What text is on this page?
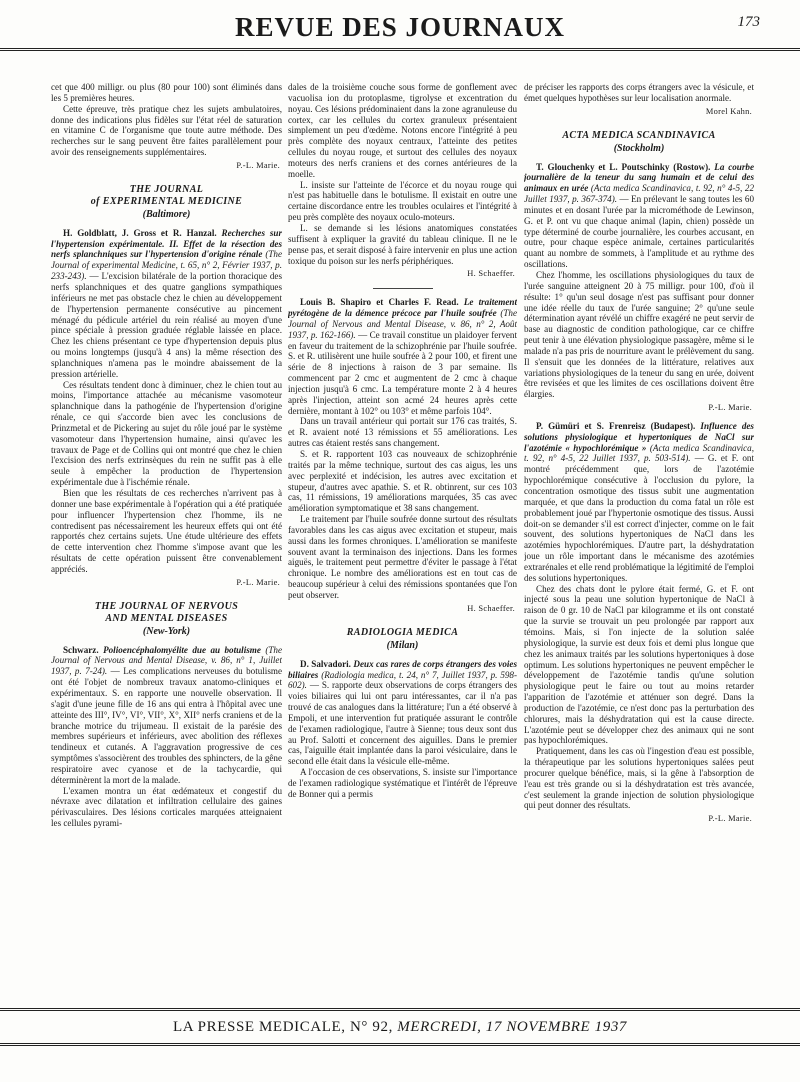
REVUE DES JOURNAUX	173

cet que 400 milligr. ou plus (80 pour 100) sont éliminés dans les 5 premières heures.

Cette épreuve, très pratique chez les sujets ambulatoires, donne des indications plus fidèles sur l'état réel de saturation en vitamine C de l'organisme que toute autre méthode. Des recherches sur le sang peuvent être faites parallèlement pour avoir des renseignements supplémentaires.

P.-L. Marie.
THE JOURNAL
of EXPERIMENTAL MEDICINE
(Baltimore)

H. Goldblatt, J. Gross et R. Hanzal. Recherches sur l'hypertension expérimentale. II. Effet de la résection des nerfs splanchniques sur l'hypertension d'origine rénale (The Journal of experimental Medicine, t. 65, n° 2, Février 1937, p. 233-243). — L'excision bilatérale de la portion thoracique des nerfs splanchniques et des quatre ganglions sympathiques inférieurs ne met pas obstacle chez le chien au développement de l'hypertension permanente consécutive au pincement ménagé du pédicule artériel du rein réalisé au moyen d'une pince spéciale à pression graduée réglable laissée en place. Chez les chiens présentant ce type d'hypertension depuis plus ou moins longtemps (jusqu'à 4 ans) la même résection des splanchniques n'amena pas le moindre abaissement de la pression artérielle.

Ces résultats tendent donc à diminuer, chez le chien tout au moins, l'importance attachée au mécanisme vasomoteur splanchnique dans la pathogénie de l'hypertension d'origine rénale, ce qui s'accorde bien avec les conclusions de Prinzmetal et de Pickering au sujet du rôle joué par le système vasomoteur dans l'hypertension humaine, ainsi qu'avec les travaux de Page et de Collins qui ont montré que chez le chien l'excision des nerfs extrinsèques du rein ne suffit pas à elle seule à empêcher la production de l'hypertension expérimentale due à l'ischémie rénale.

Bien que les résultats de ces recherches n'arrivent pas à donner une base expérimentale à l'opération qui a été pratiquée pour influencer l'hypertension chez l'homme, ils ne contredisent pas nécessairement les heureux effets qui ont été rapportés chez certains sujets. Une étude ultérieure des effets de cette intervention chez l'homme s'impose avant que les résultats de cette opération puissent être convenablement appréciés.

P.-L. Marie.
THE JOURNAL OF NERVOUS
AND MENTAL DISEASES
(New-York)

Schwarz. Polioencéphalomyélite due au botulisme (The Journal of Nervous and Mental Disease, v. 86, n° 1, Juillet 1937, p. 7-24). — Les complications nerveuses du botulisme ont été l'objet de nombreux travaux anatomo-cliniques et expérimentaux. S. en rapporte une nouvelle observation. Il s'agit d'une jeune fille de 16 ans qui entra à l'hôpital avec une atteinte des III°, IV°, VI°, VII°, X°, XII° nerfs craniens et de la branche motrice du trijumeau. Il existait de la parésie des membres supérieurs et inférieurs, avec abolition des réflexes tendineux et cutanés. A l'aggravation progressive de ces symptômes s'associèrent des troubles des sphincters, de la gêne respiratoire avec cyanose et de la tachycardie, qui déterminèrent la mort de la malade.

L'examen montra un état œdémateux et congestif du névraxe avec dilatation et infiltration cellulaire des gaines périvasculaires. Des lésions corticales marquées atteignaient les cellules pyrami-

dales de la troisième couche sous forme de gonflement avec vacuolisa ion du protoplasme, tigrolyse et excentration du noyau. Ces lésions prédominaient dans la zone agranuleuse du cortex, car les cellules du cortex granuleux présentaient simplement un peu d'œdème. Notons encore l'intégrité à peu près complète des noyaux centraux, l'atteinte des petites cellules du noyau rouge, et surtout des cellules des noyaux moteurs des nerfs craniens et des cornes antérieures de la moelle.

L. insiste sur l'atteinte de l'écorce et du noyau rouge qui n'est pas habituelle dans le botulisme. Il existait en outre une certaine discordance entre les troubles oculaires et l'intégrité à peu près complète des noyaux oculo-moteurs.

L. se demande si les lésions anatomiques constatées suffisent à expliquer la gravité du tableau clinique. Il ne le pense pas, et serait disposé à faire intervenir en plus une action toxique du poison sur les nerfs périphériques.

H. Schaeffer.

Louis B. Shapiro et Charles F. Read. Le traitement pyrétogène de la démence précoce par l'huile soufrée (The Journal of Nervous and Mental Disease, v. 86, n° 2, Août 1937, p. 162-166). — Ce travail constitue un plaidoyer fervent en faveur du traitement de la schizophrénie par l'huile soufrée. S. et R. utilisèrent une huile soufrée à 2 pour 100, et firent une série de 8 injections à raison de 3 par semaine. Ils commencent par 2 cmc et augmentent de 2 cmc à chaque injection jusqu'à 6 cmc. La température monte 2 à 4 heures après l'injection, atteint son acmé 24 heures après cette dernière, montant à 102° ou 103° et même parfois 104°.

Dans un travail antérieur qui portait sur 176 cas traités, S. et R. avaient noté 13 rémissions et 55 améliorations. Les autres cas étaient restés sans changement.

S. et R. rapportent 103 cas nouveaux de schizophrénie traités par la même technique, surtout des cas aigus, les uns avec perplexité et indécision, les autres avec excitation et stupeur, d'autres avec apathie. S. et R. obtinrent, sur ces 103 cas, 11 rémissions, 19 améliorations marquées, 35 cas avec amélioration symptomatique et 38 sans changement.

Le traitement par l'huile soufrée donne surtout des résultats favorables dans les cas aigus avec excitation et stupeur, mais aussi dans les formes chroniques. L'amélioration se manifeste souvent avant la terminaison des injections. Dans les formes aiguës, le traitement peut permettre d'éviter le passage à l'état chronique. Le nombre des améliorations est en tout cas de beaucoup supérieur à celui des rémissions spontanées que l'on peut observer.

H. Schaeffer.
RADIOLOGIA MEDICA
(Milan)

D. Salvadori. Deux cas rares de corps étrangers des voies biliaires (Radiologia medica, t. 24, n° 7, Juillet 1937, p. 598-602). — S. rapporte deux observations de corps étrangers des voies biliaires qui lui ont paru intéressantes, car il n'a pas trouvé de cas analogues dans la littérature; l'un a été observé à Empoli, et une intervention fut pratiquée assurant le contrôle de l'examen radiologique, l'autre à Sienne; tous deux sont dus au Prof. Salotti et concernent des aiguilles. Dans le premier cas, l'aiguille était implantée dans la paroi vésiculaire, dans le second elle était dans la vésicule elle-même.

A l'occasion de ces observations, S. insiste sur l'importance de l'examen radiologique systématique et l'intérêt de l'épreuve de Bonner qui a permis

de préciser les rapports des corps étrangers avec la vésicule, et émet quelques hypothèses sur leur localisation anormale.

Morel Kahn.
ACTA MEDICA SCANDINAVICA
(Stockholm)

T. Glouchenky et L. Poutschinky (Rostow). La courbe journalière de la teneur du sang humain et de celui des animaux en urée (Acta medica Scandinavica, t. 92, n° 4-5, 22 Juillet 1937, p. 367-374). — En prélevant le sang toutes les 60 minutes et en dosant l'urée par la microméthode de Lewinson, G. et P. ont vu que chaque animal (lapin, chien) possède un type déterminé de courbe journalière, les courbes accusant, en outre, pour chaque espèce animale, certaines particularités quant au nombre de sommets, à l'amplitude et au rythme des oscillations.

Chez l'homme, les oscillations physiologiques du taux de l'urée sanguine atteignent 20 à 75 milligr. pour 100, d'où il résulte: 1° qu'un seul dosage n'est pas suffisant pour donner une idée réelle du taux de l'urée sanguine; 2° qu'une seule détermination ayant révélé un chiffre exagéré ne peut servir de base au diagnostic de condition pathologique, car ce chiffre peut tenir à une élévation physiologique passagère, même si le malade n'a pas pris de nourriture avant le prélèvement du sang. Il s'ensuit que les données de la littérature, relatives aux variations physiologiques de la teneur du sang en urée, doivent être revisées et que les limites de ces oscillations doivent être élargies.

P.-L. Marie.

P. Gümüri et S. Frenreisz (Budapest). Influence des solutions physiologique et hypertoniques de NaCl sur l'azotémie « hypochlorémique » (Acta medica Scandinavica, t. 92, n° 4-5, 22 Juillet 1937, p. 503-514). — G. et F. ont montré précédemment que, lors de l'azotémie hypochlorémique consécutive à l'occlusion du pylore, la concentration osmotique des tissus subit une augmentation marquée, et que dans la production du coma fatal un rôle est probablement joué par l'hypertonie osmotique des tissus. Aussi doit-on se demander s'il est correct d'injecter, comme on le fait souvent, des solutions hypertoniques de NaCl dans les azotémies hypochlorémiques. D'autre part, la déshydratation joue un rôle important dans le mécanisme des azotémies extrarénales et elle rend problématique la légitimité de l'emploi des solutions hypertoniques.

Chez des chats dont le pylore était fermé, G. et F. ont injecté sous la peau une solution hypertonique de NaCl à raison de 0 gr. 10 de NaCl par kilogramme et ils ont constaté que la survie se trouvait un peu prolongée par rapport aux témoins. Mais, si l'on injecte de la solution salée physiologique, la survie est deux fois et demi plus longue que chez les animaux traités par les solutions hypertoniques à dose optimum. Les solutions hypertoniques ne peuvent empêcher le développement de l'azotémie tandis qu'une solution physiologique peut le faire ou tout au moins retarder l'apparition de l'azotémie et atténuer son degré. Dans la production de l'azotémie, ce n'est donc pas la perturbation des chlorures, mais la déshydratation qui est la cause directe. L'azotémie peut se développer chez des animaux qui ne sont pas hypochlorémiques.

Pratiquement, dans les cas où l'ingestion d'eau est possible, la thérapeutique par les solutions hypertoniques salées peut procurer quelque bénéfice, mais, si la gêne à l'absorption de l'eau est très grande ou si la déshydratation est très avancée, c'est seulement la grande injection de solution physiologique qui peut donner des résultats.

P.-L. Marie.
LA PRESSE MEDICALE, N° 92, MERCREDI, 17 NOVEMBRE 1937
